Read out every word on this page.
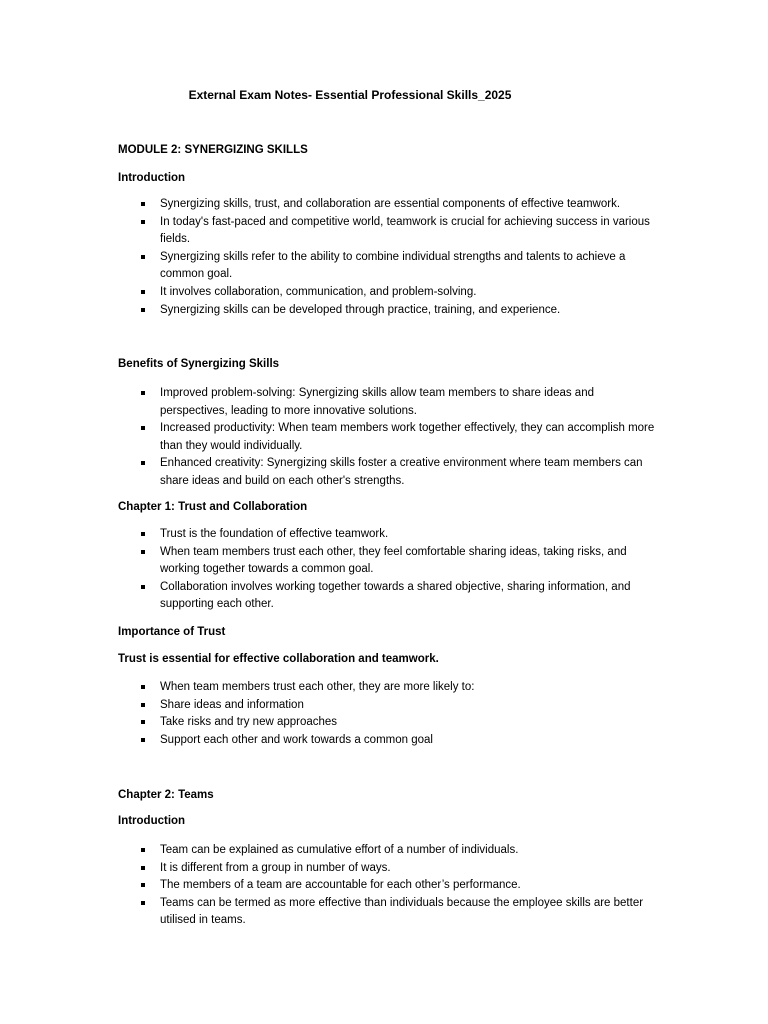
External Exam Notes- Essential Professional Skills_2025
MODULE 2: SYNERGIZING SKILLS
Introduction
Synergizing skills, trust, and collaboration are essential components of effective teamwork.
In today's fast-paced and competitive world, teamwork is crucial for achieving success in various fields.
Synergizing skills refer to the ability to combine individual strengths and talents to achieve a common goal.
It involves collaboration, communication, and problem-solving.
Synergizing skills can be developed through practice, training, and experience.
Benefits of Synergizing Skills
Improved problem-solving: Synergizing skills allow team members to share ideas and perspectives, leading to more innovative solutions.
Increased productivity: When team members work together effectively, they can accomplish more than they would individually.
Enhanced creativity: Synergizing skills foster a creative environment where team members can share ideas and build on each other's strengths.
Chapter 1: Trust and Collaboration
Trust is the foundation of effective teamwork.
When team members trust each other, they feel comfortable sharing ideas, taking risks, and working together towards a common goal.
Collaboration involves working together towards a shared objective, sharing information, and supporting each other.
Importance of Trust
Trust is essential for effective collaboration and teamwork.
When team members trust each other, they are more likely to:
Share ideas and information
Take risks and try new approaches
Support each other and work towards a common goal
Chapter 2: Teams
Introduction
Team can be explained as cumulative effort of a number of individuals.
It is different from a group in number of ways.
The members of a team are accountable for each other’s performance.
Teams can be termed as more effective than individuals because the employee skills are better utilised in teams.
